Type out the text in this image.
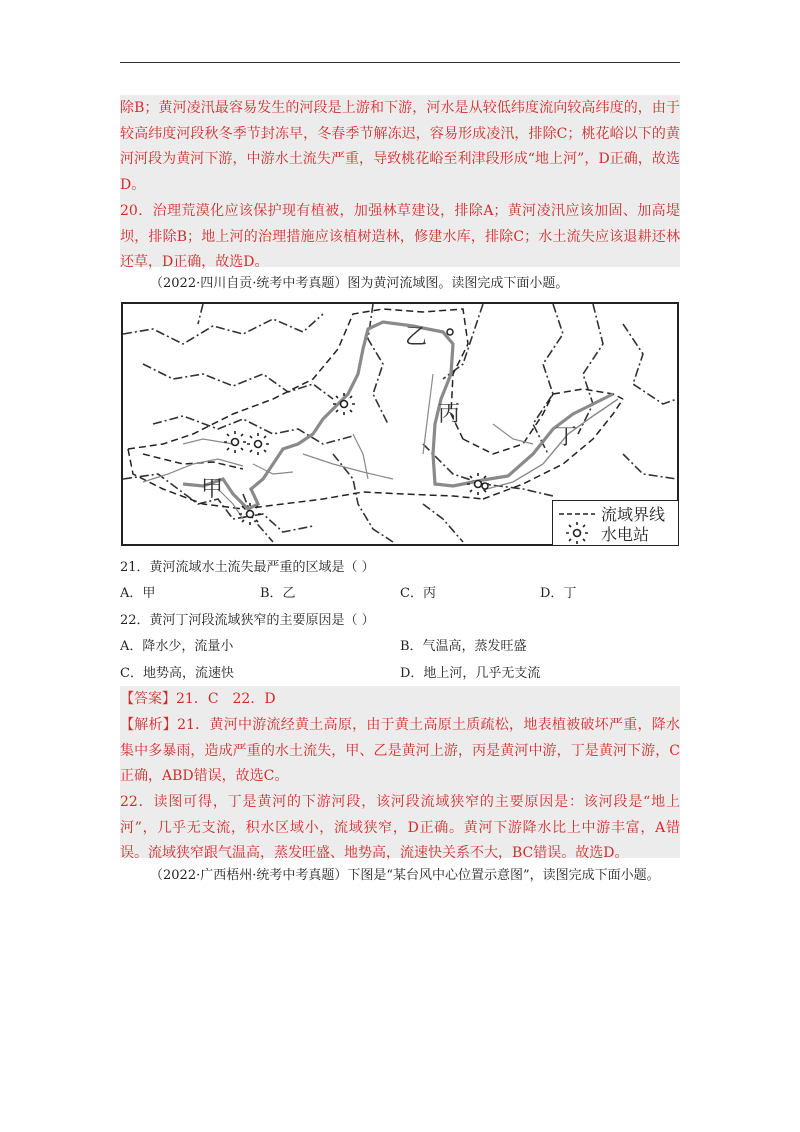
除B；黄河凌汛最容易发生的河段是上游和下游，河水是从较低纬度流向较高纬度的，由于较高纬度河段秋冬季节封冻早，冬春季节解冻迟，容易形成凌汛，排除C；桃花峪以下的黄河河段为黄河下游，中游水土流失严重，导致桃花峪至利津段形成“地上河”，D正确，故选D。

20．治理荒漠化应该保护现有植被，加强林草建设，排除A；黄河凌汛应该加固、加高堤坝，排除B；地上河的治理措施应该植树造林，修建水库，排除C；水土流失应该退耕还林还草，D正确，故选D。

（2022·四川自贡·统考中考真题）图为黄河流域图。读图完成下面小题。
甲
乙
丙
丁
流域界线
水电站
21．黄河流域水土流失最严重的区域是（ ）
A．甲	B．乙	C．丙	D．丁
22．黄河丁河段流域狭窄的主要原因是（ ）
A．降水少，流量小	B．气温高，蒸发旺盛
C．地势高，流速快	D．地上河，几乎无支流
【答案】21．C　22．D

【解析】21．黄河中游流经黄土高原，由于黄土高原土质疏松，地表植被破坏严重，降水集中多暴雨，造成严重的水土流失，甲、乙是黄河上游，丙是黄河中游，丁是黄河下游，C正确，ABD错误，故选C。

22．读图可得，丁是黄河的下游河段，该河段流域狭窄的主要原因是：该河段是“地上河”，几乎无支流，积水区域小，流域狭窄，D正确。黄河下游降水比上中游丰富，A错误。流域狭窄跟气温高，蒸发旺盛、地势高，流速快关系不大，BC错误。故选D。

（2022·广西梧州·统考中考真题）下图是“某台风中心位置示意图”，读图完成下面小题。
